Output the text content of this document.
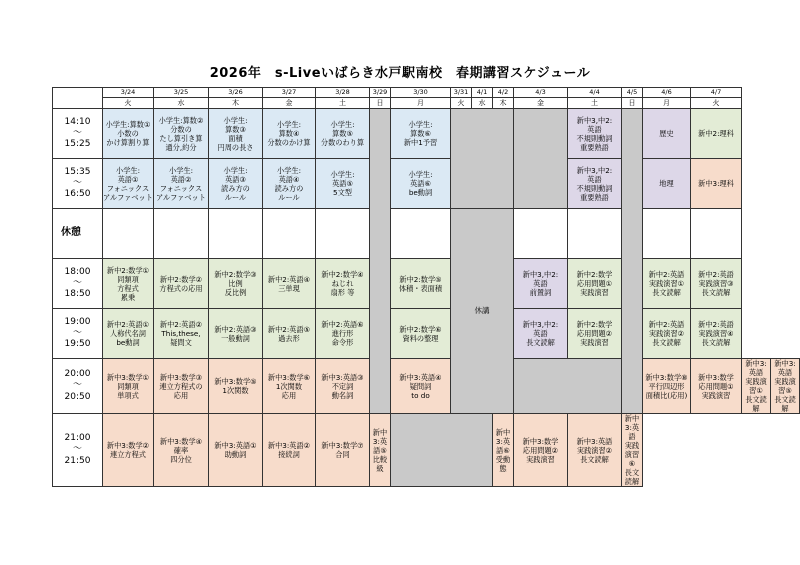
2026年　s-Liveいばらき水戸駅南校　春期講習スケジュール
	3/24	3/25	3/26	3/27	3/28	3/29	3/30	3/31	4/1	4/2	4/3	4/4	4/5	4/6	4/7		
	火	水	木	金	土	日	月	火	水	木	金	土	日	月	火		

14:10
～
15:25	小学生:算数①
小数の
かけ算割り算	小学生:算数②
分数の
たし算引き算
通分,約分	小学生:
算数③
面積
円周の長さ	小学生:
算数④
分数のかけ算	小学生:
算数⑤
分数のわり算		小学生:
算数⑥
新中1予習					新中3,中2:
英語
不規則動詞
重要熟語		歴史	新中2:理科		

15:35
～
16:50	小学生:
英語①
フォニックス
アルファベット	小学生:
英語②
フォニックス
アルファベット	小学生:
英語③
読み方の
ルール	小学生:
英語④
読み方の
ルール	小学生:
英語⑤
5文型		小学生:
英語⑥
be動詞					新中3,中2:
英語
不規則動詞
重要熟語		地理	新中3:理科		
休憩								休講									

18:00
～
18:50	新中2:数学①
同類項
方程式
累乗	新中2:数学②
方程式の応用	新中2:数学③
比例
反比例	新中2:英語④
三単現	新中2:数学④
ねじれ
扇形 等		新中2:数学⑤
体積・表面積				新中3,中2:
英語
前置詞	新中2:数学
応用問題①
実践演習		新中2:英語
実践演習①
長文読解	新中2:英語
実践演習③
長文読解		

19:00
～
19:50	新中2:英語①
人称代名詞
be動詞	新中2:英語②
This,these,
疑問文	新中2:英語③
一般動詞	新中2:英語⑤
過去形	新中2:英語⑥
進行形
命令形		新中2:数学⑥
資料の整理				新中3,中2:
英語
長文読解	新中2:数学
応用問題②
実践演習		新中2:英語
実践演習②
長文読解	新中2:英語
実践演習④
長文読解		

20:00
～
20:50	新中3:数学①
同類項
単項式	新中3:数学③
連立方程式の
応用	新中3:数学⑤
1次関数	新中3:数学⑥
1次関数
応用	新中3:英語③
不定詞
動名詞		新中3:英語④
疑問詞
to do							新中3:数学⑧
平行四辺形
面積比(応用)	新中3:数学
応用問題①
実践演習	新中3:英語
実践演習①
長文読解	新中3:英語
実践演習⑤
長文読解

21:00
～
21:50	新中3:数学②
連立方程式	新中3:数学④
確率
四分位	新中3:英語①
助動詞	新中3:英語②
接続詞	新中3:数学⑦
合同	新中3:英語⑤
比較級				新中3:英語⑥
受動態	新中3:数学
応用問題②
実践演習	新中3:英語
実践演習②
長文読解	新中3:英語
実践演習⑥
長文読解				
